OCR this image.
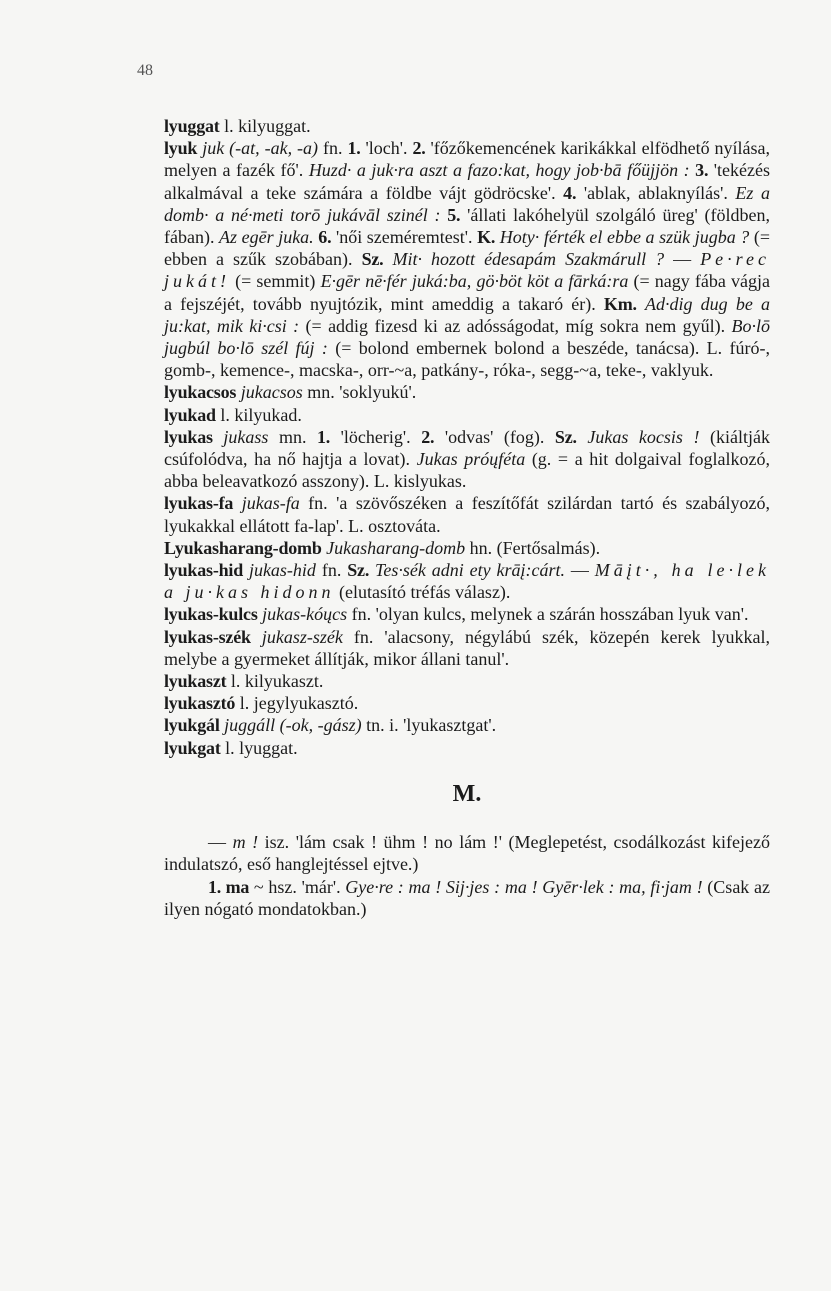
48

lyuggat l. kilyuggat.

lyuk juk (-at, -ak, -a) fn. 1. 'loch'. 2. 'főzőkemencének karikákkal elfödhető nyílása, melyen a fazék fő'. Huzd· a juk·ra aszt a fazo:kat, hogy job·bā főüjjön : 3. 'tekézés alkalmával a teke számára a földbe vájt gödröcske'. 4. 'ablak, ablaknyílás'. Ez a domb· a né·meti torō jukávāl szinél : 5. 'állati lakóhelyül szolgáló üreg' (földben, fában). Az egēr juka. 6. 'női szeméremtest'. K. Hoty· férték el ebbe a szük jugba ? (= ebben a szűk szobában). Sz. Mit· hozott édesapám Szakmárull ? — Pe·rec jukát! (= semmit) E·gēr nē·fér juká:ba, gö·böt köt a fārká:ra (= nagy fába vágja a fejszéjét, tovább nyujtózik, mint ameddig a takaró ér). Km. Ad·dig dug be a ju:kat, mik ki·csi : (= addig fizesd ki az adósságodat, míg sokra nem gyűl). Bo·lō jugbúl bo·lō szél fúj : (= bolond embernek bolond a beszéde, tanácsa). L. fúró-, gomb-, kemence-, macska-, orr-~a, patkány-, róka-, segg-~a, teke-, vaklyuk.

lyukacsos jukacsos mn. 'soklyukú'.

lyukad l. kilyukad.

lyukas jukass mn. 1. 'löcherig'. 2. 'odvas' (fog). Sz. Jukas kocsis ! (kiáltják csúfolódva, ha nő hajtja a lovat). Jukas próųféta (g. = a hit dolgaival foglalkozó, abba beleavatkozó asszony). L. kislyukas.

lyukas-fa jukas-fa fn. 'a szövőszéken a feszítőfát szilárdan tartó és szabályozó, lyukakkal ellátott fa-lap'. L. osztováta.

Lyukasharang-domb Jukasharang-domb hn. (Fertősalmás).

lyukas-hid jukas-hid fn. Sz. Tes·sék adni ety krāį:cárt. — Māįt·, ha le·lek a ju·kas hidonn (elutasító tréfás válasz).

lyukas-kulcs jukas-kóųcs fn. 'olyan kulcs, melynek a szárán hosszában lyuk van'.

lyukas-szék jukasz-szék fn. 'alacsony, négylábú szék, közepén kerek lyukkal, melybe a gyermeket állítják, mikor állani tanul'.

lyukaszt l. kilyukaszt.

lyukasztó l. jegylyukasztó.

lyukgál juggáll (-ok, -gász) tn. i. 'lyukasztgat'.

lyukgat l. lyuggat.

M.

— m ! isz. 'lám csak ! ühm ! no lám !' (Meglepetést, csodálkozást kifejező indulatszó, eső hanglejtéssel ejtve.)

1. ma ~ hsz. 'már'. Gye·re : ma ! Sij·jes : ma ! Gyēr·lek : ma, fi·jam ! (Csak az ilyen nógató mondatokban.)
